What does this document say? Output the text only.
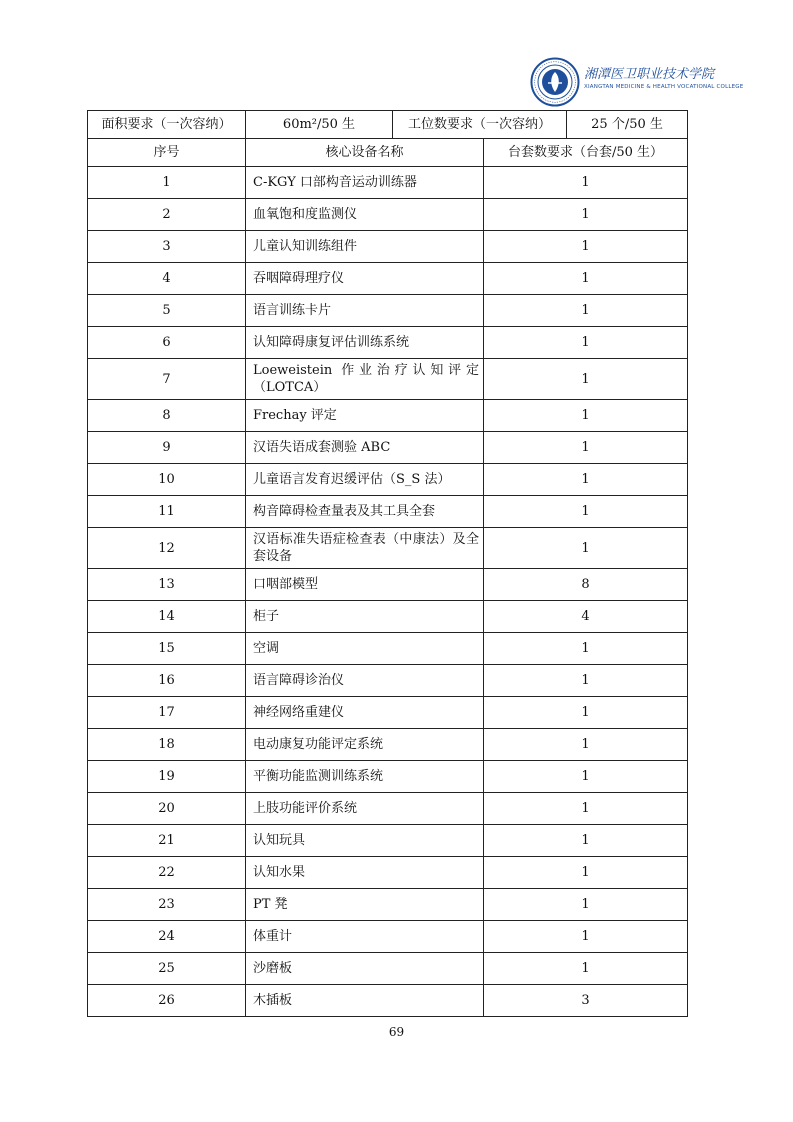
湘潭医卫职业技术学院
XIANGTAN MEDICINE & HEALTH VOCATIONAL COLLEGE
面积要求（一次容纳）	60m²/50 生	工位数要求（一次容纳）		25 个/50 生
序号	核心设备名称		台套数要求（台套/50 生）	
1	C-KGY 口部构音运动训练器		1	
2	血氧饱和度监测仪		1	
3	儿童认知训练组件		1	
4	吞咽障碍理疗仪		1	
5	语言训练卡片		1	
6	认知障碍康复评估训练系统		1	
7	Loeweistein 作业治疗认知评定（LOTCA）		1	
8	Frechay 评定		1	
9	汉语失语成套测验 ABC		1	
10	儿童语言发育迟缓评估（S_S 法）		1	
11	构音障碍检查量表及其工具全套		1	
12	汉语标准失语症检查表（中康法）及全套设备		1	
13	口咽部模型		8	
14	柜子		4	
15	空调		1	
16	语言障碍诊治仪		1	
17	神经网络重建仪		1	
18	电动康复功能评定系统		1	
19	平衡功能监测训练系统		1	
20	上肢功能评价系统		1	
21	认知玩具		1	
22	认知水果		1	
23	PT 凳		1	
24	体重计		1	
25	沙磨板		1	
26	木插板		3	
69
